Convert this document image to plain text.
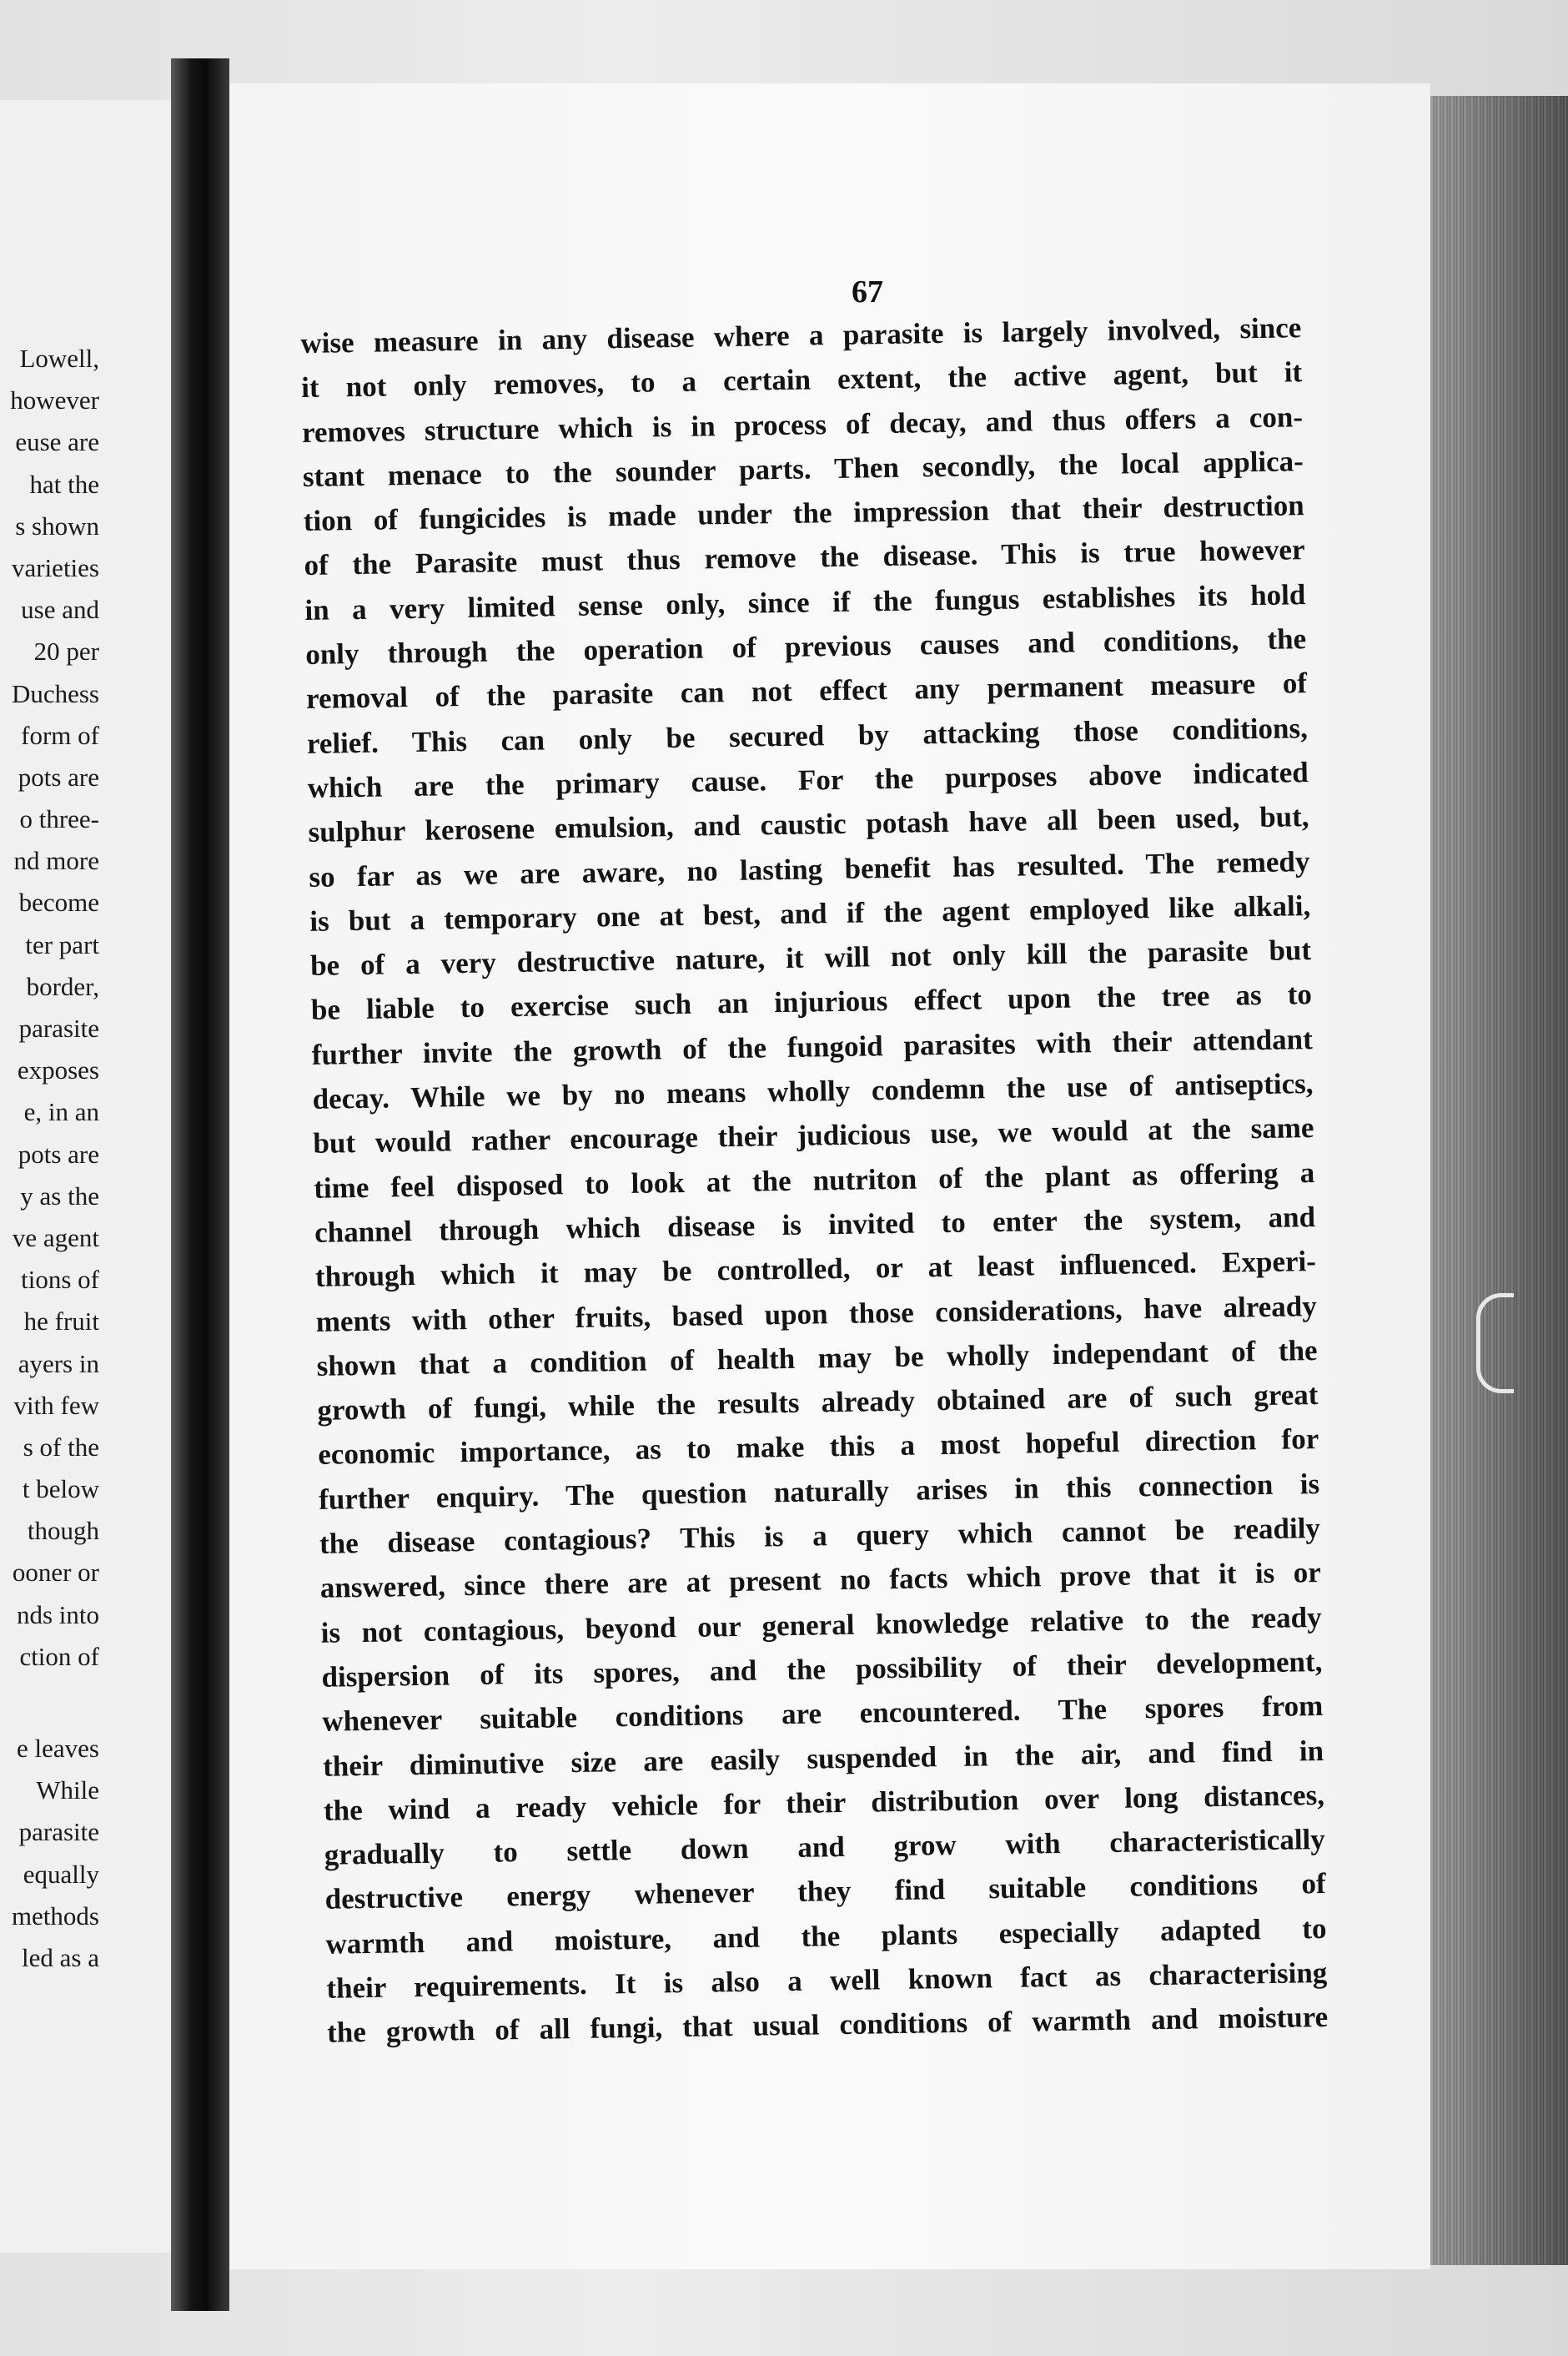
Lowell,
however
euse are
hat the
s shown
varieties
use and
20 per
Duchess
form of
pots are
o three-
nd more
become
ter part
border,
parasite
exposes
e, in an
pots are
y as the
ve agent
tions of
he fruit
ayers in
vith few
s of the
t below
though
ooner or
nds into
ction of
e leaves
While
parasite
equally
methods
led as a
67
wise measure in any disease where a parasite is largely involved, since
it not only removes, to a certain extent, the active agent, but it
removes structure which is in process of decay, and thus offers a con-
stant menace to the sounder parts. Then secondly, the local applica-
tion of fungicides is made under the impression that their destruction
of the Parasite must thus remove the disease. This is true however
in a very limited sense only, since if the fungus establishes its hold
only through the operation of previous causes and conditions, the
removal of the parasite can not effect any permanent measure of
relief. This can only be secured by attacking those conditions,
which are the primary cause. For the purposes above indicated
sulphur kerosene emulsion, and caustic potash have all been used, but,
so far as we are aware, no lasting benefit has resulted. The remedy
is but a temporary one at best, and if the agent employed like alkali,
be of a very destructive nature, it will not only kill the parasite but
be liable to exercise such an injurious effect upon the tree as to
further invite the growth of the fungoid parasites with their attendant
decay. While we by no means wholly condemn the use of antiseptics,
but would rather encourage their judicious use, we would at the same
time feel disposed to look at the nutriton of the plant as offering a
channel through which disease is invited to enter the system, and
through which it may be controlled, or at least influenced. Experi-
ments with other fruits, based upon those considerations, have already
shown that a condition of health may be wholly independant of the
growth of fungi, while the results already obtained are of such great
economic importance, as to make this a most hopeful direction for
further enquiry. The question naturally arises in this connection is
the disease contagious? This is a query which cannot be readily
answered, since there are at present no facts which prove that it is or
is not contagious, beyond our general knowledge relative to the ready
dispersion of its spores, and the possibility of their development,
whenever suitable conditions are encountered. The spores from
their diminutive size are easily suspended in the air, and find in
the wind a ready vehicle for their distribution over long distances,
gradually to settle down and grow with characteristically
destructive energy whenever they find suitable conditions of
warmth and moisture, and the plants especially adapted to
their requirements. It is also a well known fact as characterising
the growth of all fungi, that usual conditions of warmth and moisture
